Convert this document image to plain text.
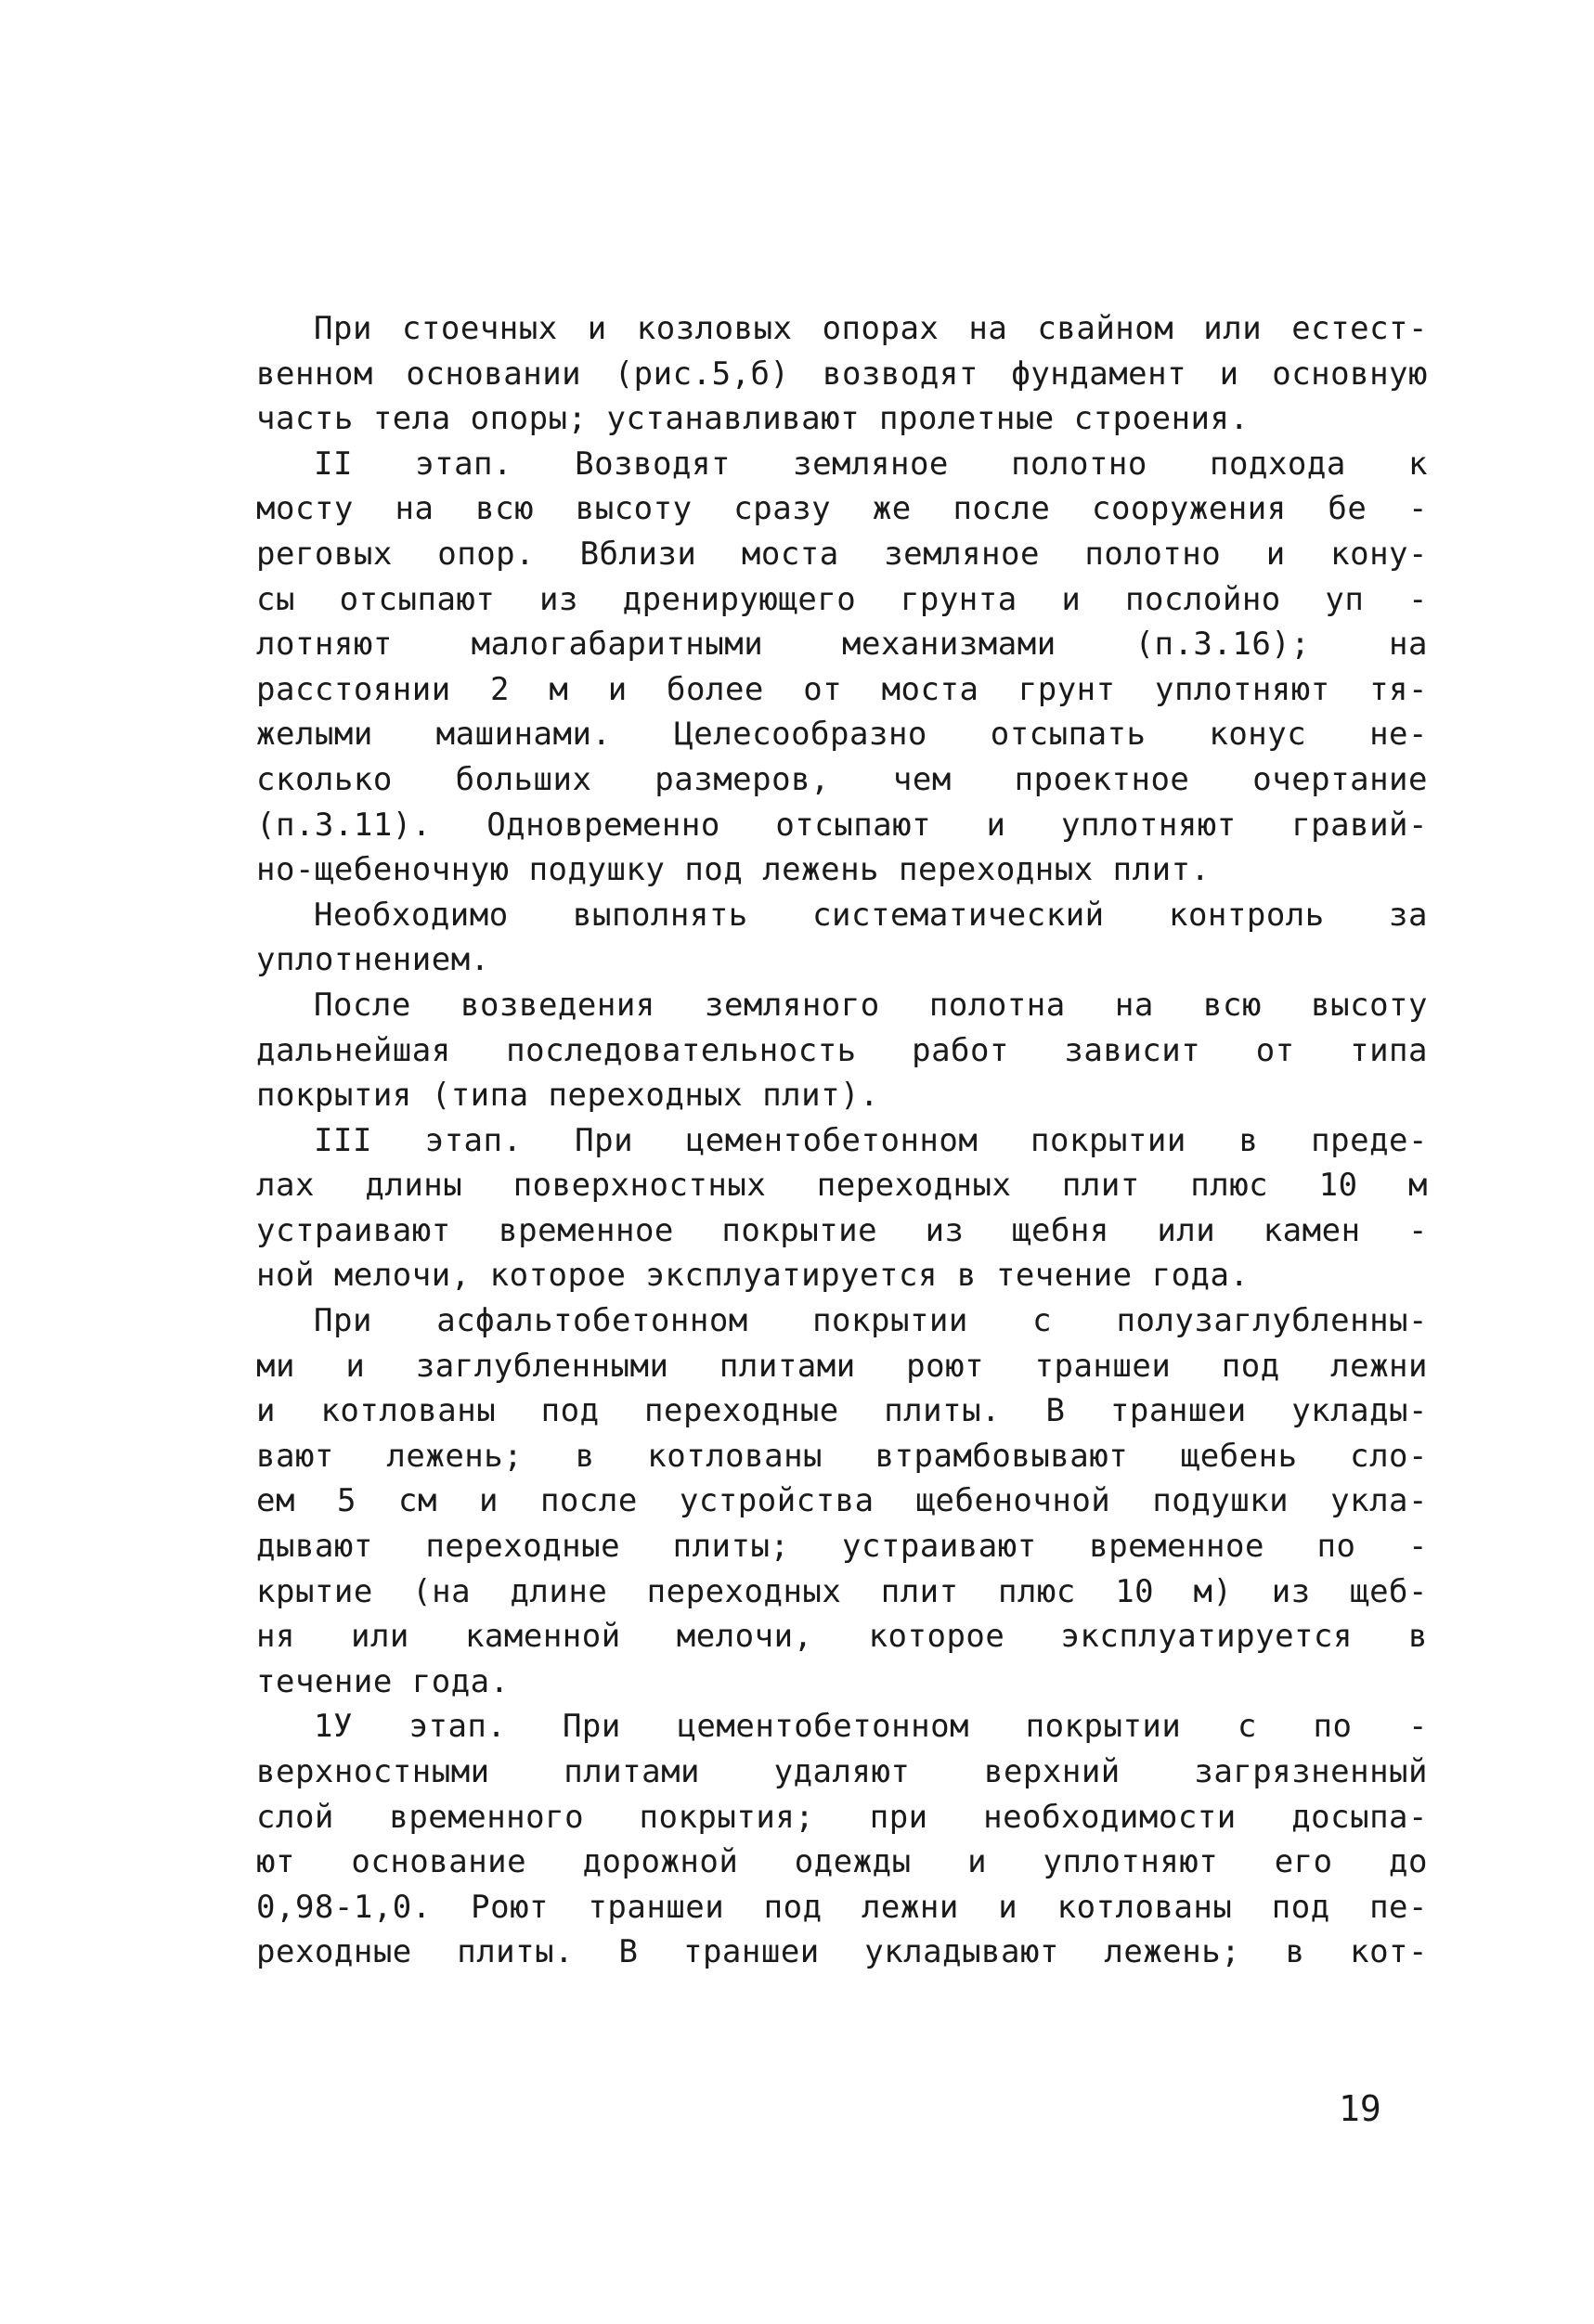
При стоечных и козловых опорах на свайном или естест-
венном основании (рис.5,б) возводят фундамент и основную
часть тела опоры; устанавливают пролетные строения.
II этап. Возводят земляное полотно подхода к
мосту на всю высоту сразу же после сооружения бе -
реговых опор. Вблизи моста земляное полотно и кону-
сы отсыпают из дренирующего грунта и послойно уп -
лотняют малогабаритными механизмами (п.3.16); на
расстоянии 2 м и более от моста грунт уплотняют тя-
желыми машинами. Целесообразно отсыпать конус не-
сколько больших размеров, чем проектное очертание
(п.3.11). Одновременно отсыпают и уплотняют гравий-
но-щебеночную подушку под лежень переходных плит.
Необходимо выполнять систематический контроль за
уплотнением.
После возведения земляного полотна на всю высоту
дальнейшая последовательность работ зависит от типа
покрытия (типа переходных плит).
III этап. При цементобетонном покрытии в преде-
лах длины поверхностных переходных плит плюс 10 м
устраивают временное покрытие из щебня или камен -
ной мелочи, которое эксплуатируется в течение года.
При асфальтобетонном покрытии с полузаглубленны-
ми и заглубленными плитами роют траншеи под лежни
и котлованы под переходные плиты. В траншеи уклады-
вают лежень; в котлованы втрамбовывают щебень сло-
ем 5 см и после устройства щебеночной подушки укла-
дывают переходные плиты; устраивают временное по -
крытие (на длине переходных плит плюс 10 м) из щеб-
ня или каменной мелочи, которое эксплуатируется в
течение года.
1У этап. При цементобетонном покрытии с по -
верхностными плитами удаляют верхний загрязненный
слой временного покрытия; при необходимости досыпа-
ют основание дорожной одежды и уплотняют его до
0,98-1,0. Роют траншеи под лежни и котлованы под пе-
реходные плиты. В траншеи укладывают лежень; в кот-
19
